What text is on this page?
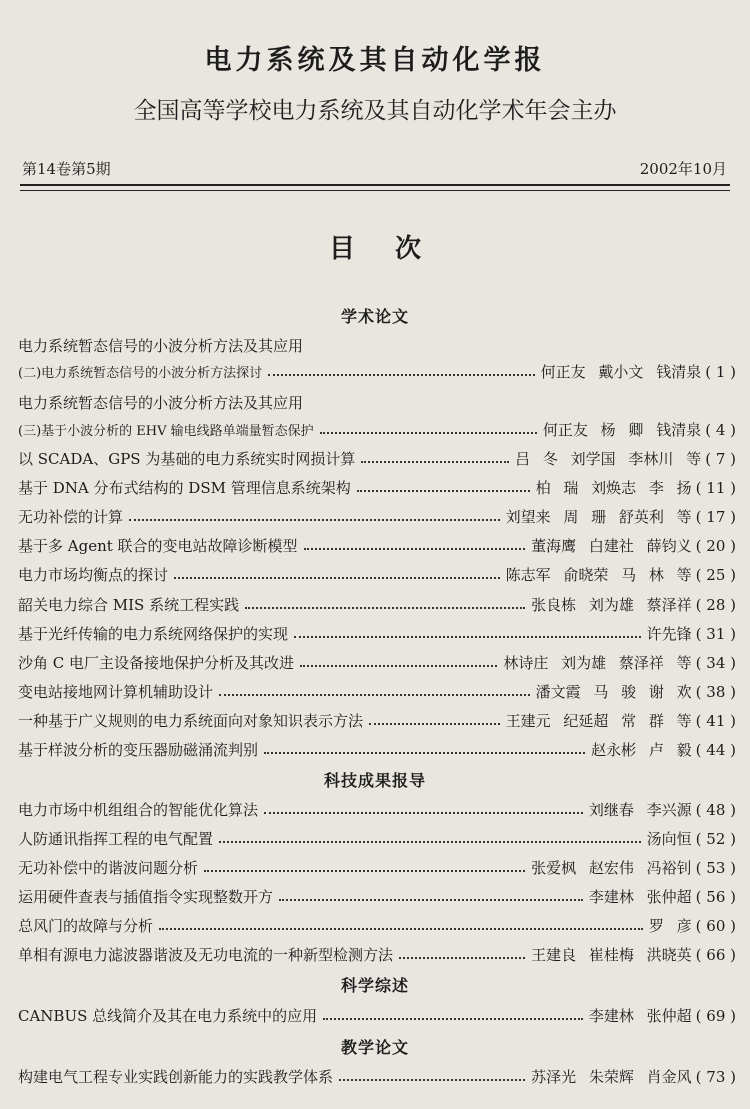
电力系统及其自动化学报
全国高等学校电力系统及其自动化学术年会主办
第14卷第5期	2002年10月
目次
学术论文
电力系统暂态信号的小波分析方法及其应用
(二)电力系统暂态信号的小波分析方法探讨	何正友 戴小文 钱清泉 ( 1 )
电力系统暂态信号的小波分析方法及其应用
(三)基于小波分析的 EHV 输电线路单端量暂态保护	何正友 杨 卿 钱清泉 ( 4 )
以 SCADA、GPS 为基础的电力系统实时网损计算	吕 冬 刘学国 李林川 等 ( 7 )
基于 DNA 分布式结构的 DSM 管理信息系统架构	柏 瑞 刘焕志 李 扬 ( 11 )
无功补偿的计算	刘望来 周 珊 舒英利 等 ( 17 )
基于多 Agent 联合的变电站故障诊断模型	董海鹰 白建社 薛钧义 ( 20 )
电力市场均衡点的探讨	陈志军 俞晓荣 马 林 等 ( 25 )
韶关电力综合 MIS 系统工程实践	张良栋 刘为雄 蔡泽祥 ( 28 )
基于光纤传输的电力系统网络保护的实现	许先锋 ( 31 )
沙角 C 电厂主设备接地保护分析及其改进	林诗庄 刘为雄 蔡泽祥 等 ( 34 )
变电站接地网计算机辅助设计	潘文霞 马 骏 谢 欢 ( 38 )
一种基于广义规则的电力系统面向对象知识表示方法	王建元 纪延超 常 群 等 ( 41 )
基于样波分析的变压器励磁涌流判别	赵永彬 卢 毅 ( 44 )
科技成果报导
电力市场中机组组合的智能优化算法	刘继春 李兴源 ( 48 )
人防通讯指挥工程的电气配置	汤向恒 ( 52 )
无功补偿中的谐波问题分析	张爱枫 赵宏伟 冯裕钊 ( 53 )
运用硬件查表与插值指令实现整数开方	李建林 张仲超 ( 56 )
总风门的故障与分析	罗 彦 ( 60 )
单相有源电力滤波器谐波及无功电流的一种新型检测方法	王建良 崔桂梅 洪晓英 ( 66 )
科学综述
CANBUS 总线简介及其在电力系统中的应用	李建林 张仲超 ( 69 )
教学论文
构建电气工程专业实践创新能力的实践教学体系	苏泽光 朱荣辉 肖金风 ( 73 )
